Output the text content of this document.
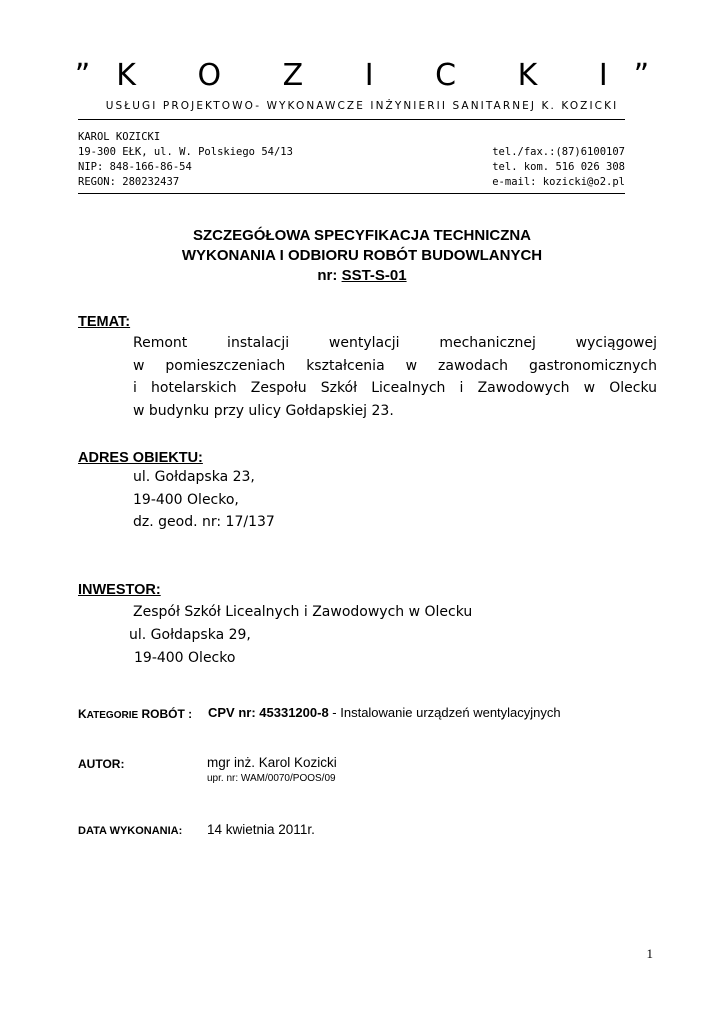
”K O Z I C K I”
USŁUGI PROJEKTOWO- WYKONAWCZE INŻYNIERII SANITARNEJ K. KOZICKI
KAROL KOZICKI
19-300 EŁK, ul. W. Polskiego 54/13
NIP: 848-166-86-54
REGON: 280232437
tel./fax.:(87)6100107
tel. kom. 516 026 308
e-mail: kozicki@o2.pl
SZCZEGÓŁOWA SPECYFIKACJA TECHNICZNA
WYKONANIA I ODBIORU ROBÓT BUDOWLANYCH
nr: SST-S-01
TEMAT:
Remont instalacji wentylacji mechanicznej wyciągowej
w pomieszczeniach kształcenia w zawodach gastronomicznych
i hotelarskich Zespołu Szkół Licealnych i Zawodowych w Olecku
w budynku przy ulicy Gołdapskiej 23.
ADRES OBIEKTU:
ul. Gołdapska 23,
19-400 Olecko,
dz. geod. nr: 17/137
INWESTOR:
Zespół Szkół Licealnych i Zawodowych w Olecku
ul. Gołdapska 29,
19-400 Olecko
KATEGORIE ROBÓT : CPV nr: 45331200-8 - Instalowanie urządzeń wentylacyjnych
AUTOR:	mgr inż. Karol Kozicki
upr. nr: WAM/0070/POOS/09
DATA WYKONANIA: 14 kwietnia 2011r.
1
